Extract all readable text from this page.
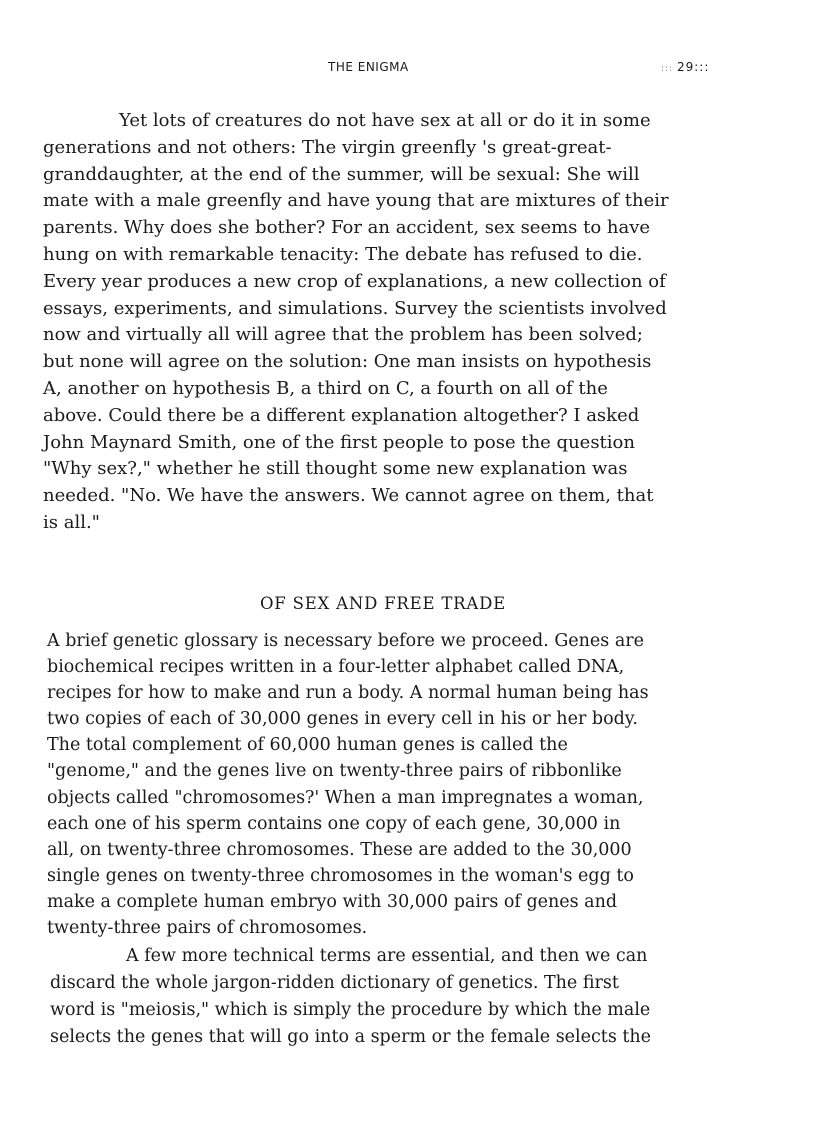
THE ENIGMA	::: 29:::
Yet lots of creatures do not have sex at all or do it in some
generations and not others: The virgin greenfly 's great-great-
granddaughter, at the end of the summer, will be sexual: She will
mate with a male greenfly and have young that are mixtures of their
parents. Why does she bother? For an accident, sex seems to have
hung on with remarkable tenacity: The debate has refused to die.
Every year produces a new crop of explanations, a new collection of
essays, experiments, and simulations. Survey the scientists involved
now and virtually all will agree that the problem has been solved;
but none will agree on the solution: One man insists on hypothesis
A, another on hypothesis B, a third on C, a fourth on all of the
above. Could there be a different explanation altogether? I asked
John Maynard Smith, one of the first people to pose the question
"Why sex?," whether he still thought some new explanation was
needed. "No. We have the answers. We cannot agree on them, that
is all."
OF SEX AND FREE TRADE
A brief genetic glossary is necessary before we proceed. Genes are
biochemical recipes written in a four-letter alphabet called DNA,
recipes for how to make and run a body. A normal human being has
two copies of each of 30,000 genes in every cell in his or her body.
The total complement of 60,000 human genes is called the
"genome," and the genes live on twenty-three pairs of ribbonlike
objects called "chromosomes?' When a man impregnates a woman,
each one of his sperm contains one copy of each gene, 30,000 in
all, on twenty-three chromosomes. These are added to the 30,000
single genes on twenty-three chromosomes in the woman's egg to
make a complete human embryo with 30,000 pairs of genes and
twenty-three pairs of chromosomes.
A few more technical terms are essential, and then we can
discard the whole jargon-ridden dictionary of genetics. The first
word is "meiosis," which is simply the procedure by which the male
selects the genes that will go into a sperm or the female selects the
